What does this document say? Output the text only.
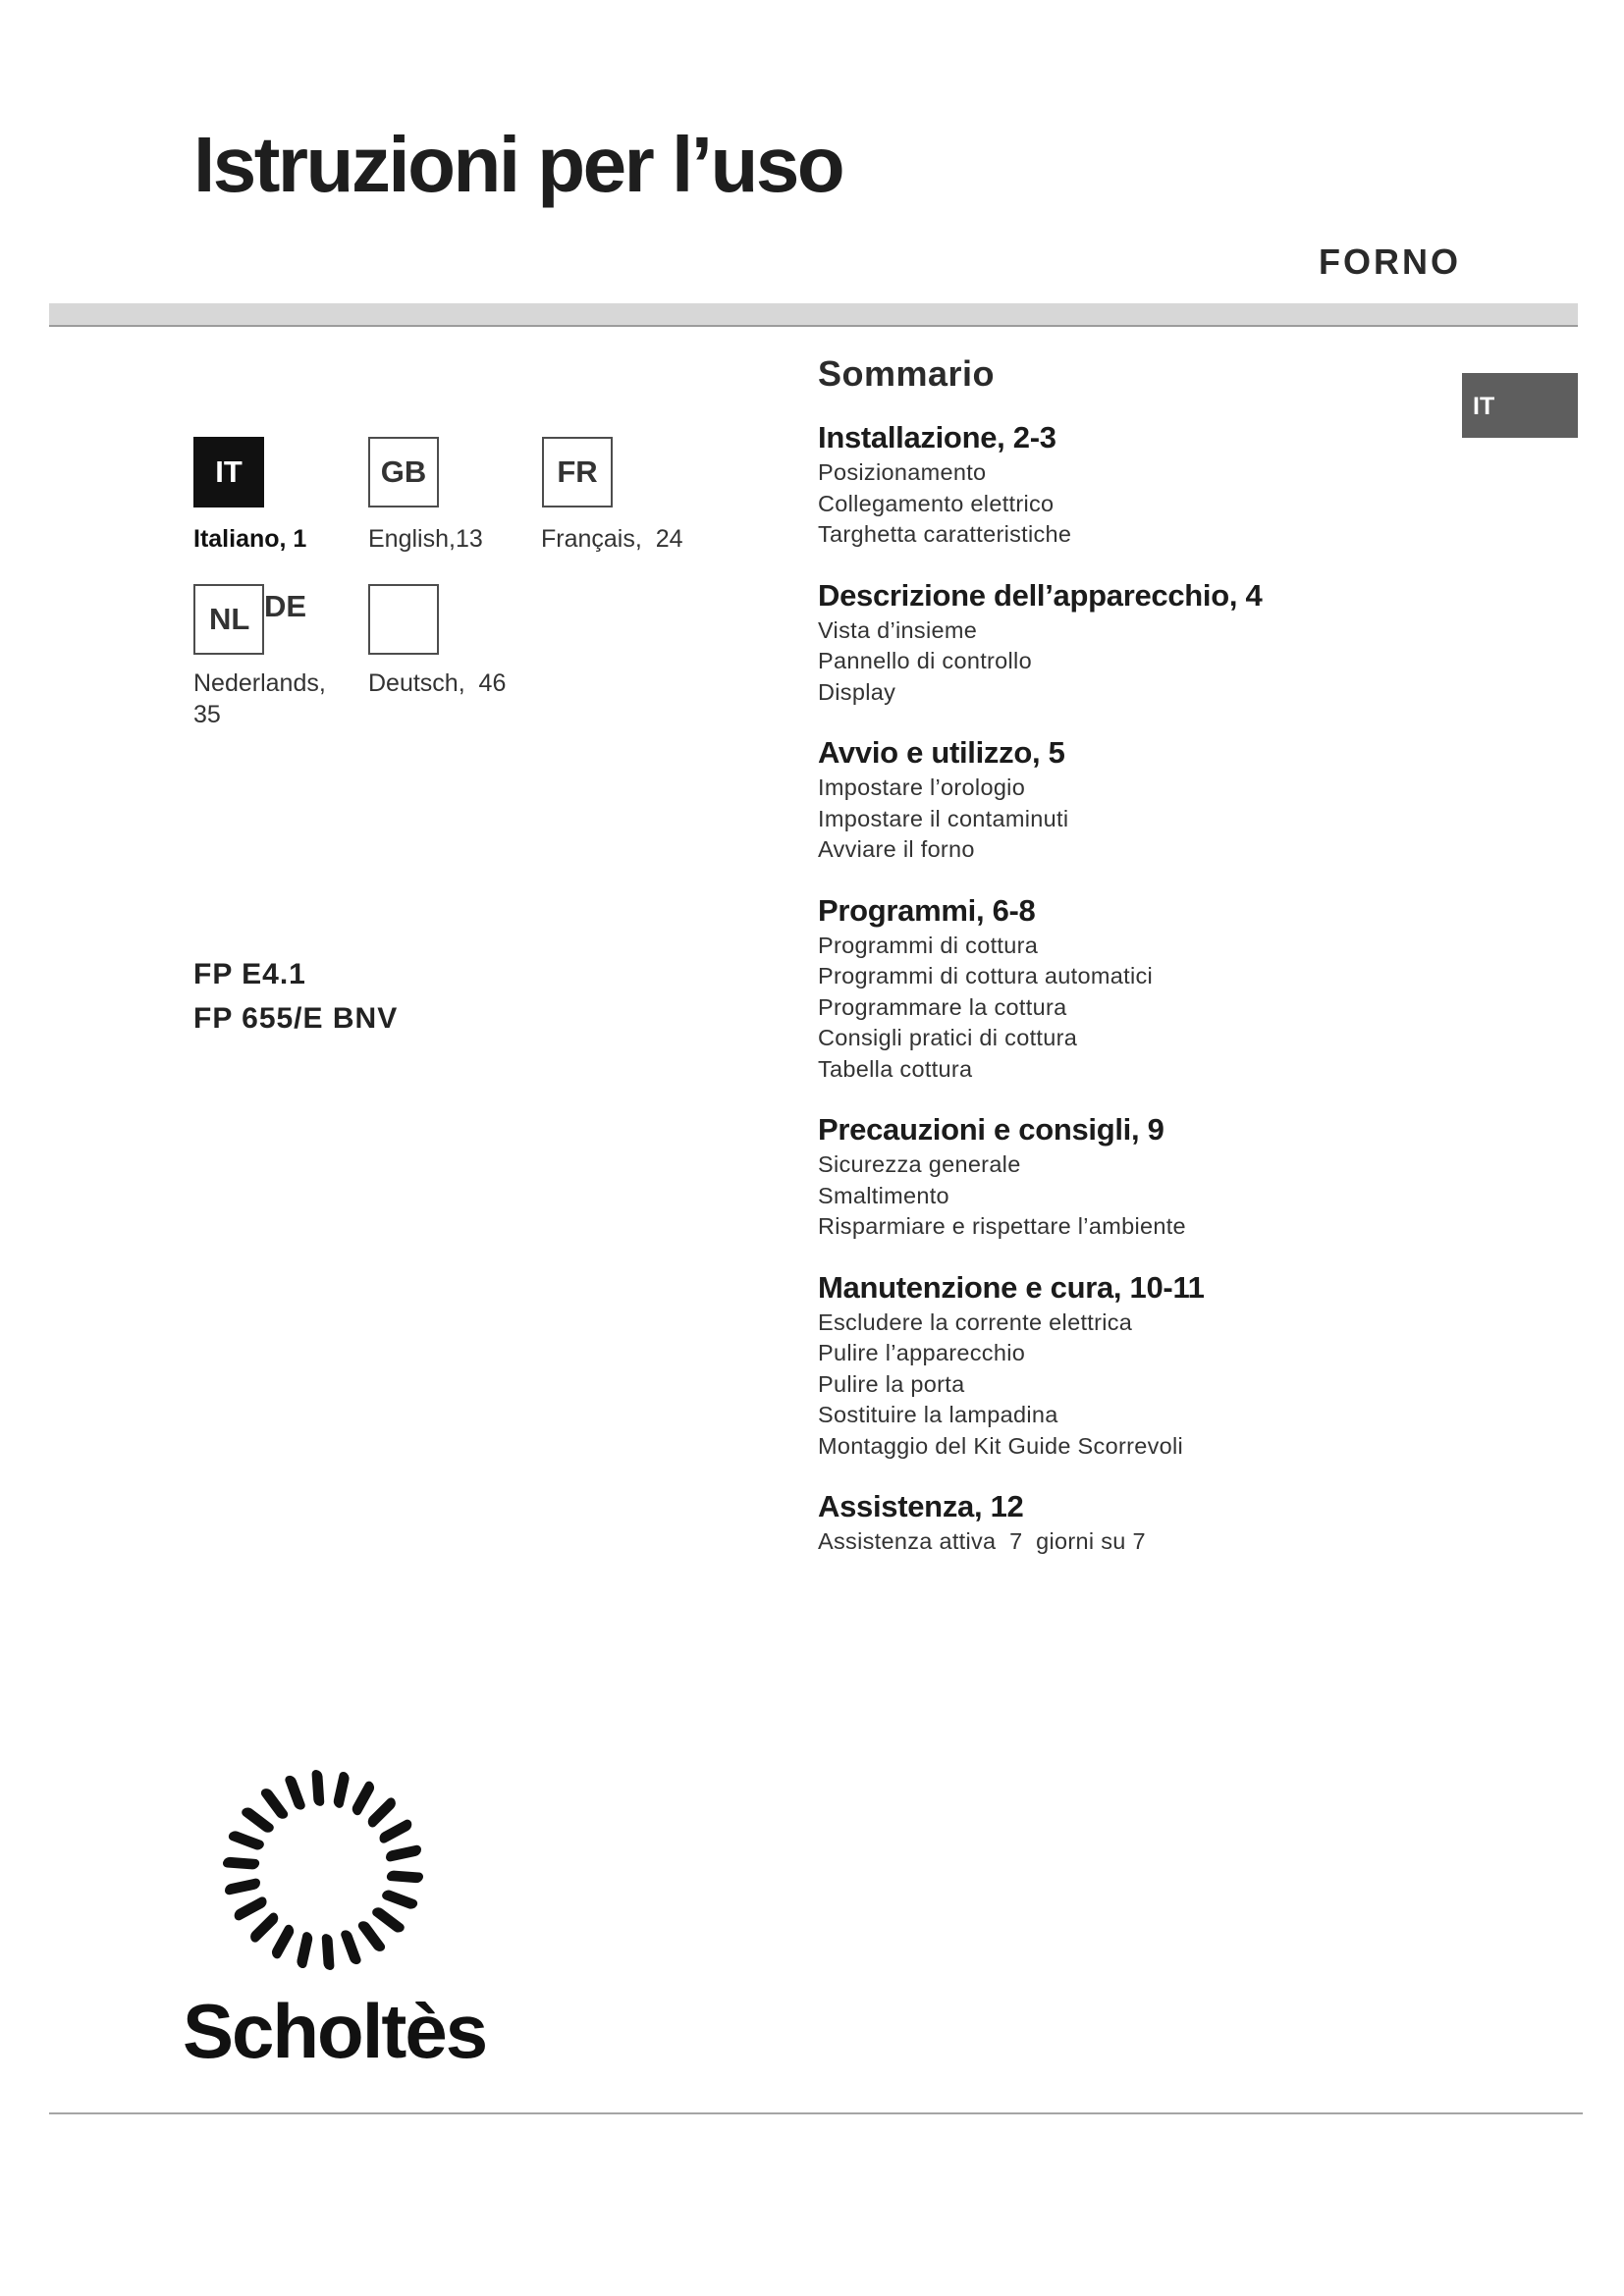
Istruzioni per l’uso
FORNO
IT
IT	GB	FR
Italiano, 1	English,13 Français,  24
NL DE
Nederlands,
35
Deutsch,  46
FP E4.1
FP 655/E BNV
Sommario
Installazione, 2-3
Posizionamento
Collegamento elettrico
Targhetta caratteristiche
Descrizione dell’apparecchio, 4
Vista d’insieme
Pannello di controllo
Display
Avvio e utilizzo, 5
Impostare l’orologio
Impostare il contaminuti
Avviare il forno
Programmi, 6-8
Programmi di cottura
Programmi di cottura automatici
Programmare la cottura
Consigli pratici di cottura
Tabella cottura
Precauzioni e consigli, 9
Sicurezza generale
Smaltimento
Risparmiare e rispettare l’ambiente
Manutenzione e cura, 10-11
Escludere la corrente elettrica
Pulire l’apparecchio
Pulire la porta
Sostituire la lampadina
Montaggio del Kit Guide Scorrevoli
Assistenza, 12
Assistenza attiva  7  giorni su 7
Scholtès
